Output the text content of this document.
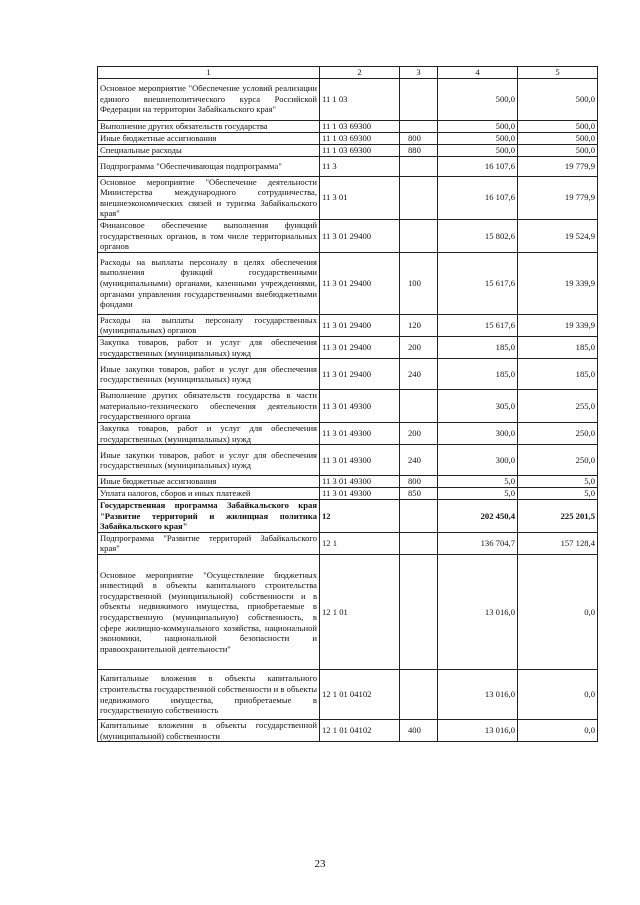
1	2	3	4	5
Основное мероприятие "Обеспечение условий реализации единого внешнеполитического курса Российской Федерации на территории Забайкальского края"	11 1 03		500,0	500,0
Выполнение других обязательств государства	11 1 03 69300		500,0	500,0
Иные бюджетные ассигнования	11 1 03 69300	800	500,0	500,0
Специальные расходы	11 1 03 69300	880	500,0	500,0
Подпрограмма "Обеспечивающая подпрограмма"	11 3		16 107,6	19 779,9
Основное мероприятие "Обеспечение деятельности Министерства международного сотрудничества, внешнеэкономических связей и туризма Забайкальского края"	11 3 01		16 107,6	19 779,9
Финансовое обеспечение выполнения функций государственных органов, в том числе территориальных органов	11 3 01 29400		15 802,6	19 524,9
Расходы на выплаты персоналу в целях обеспечения выполнения функций государственными (муниципальными) органами, казенными учреждениями, органами управления государственными внебюджетными фондами	11 3 01 29400	100	15 617,6	19 339,9
Расходы на выплаты персоналу государственных (муниципальных) органов	11 3 01 29400	120	15 617,6	19 339,9
Закупка товаров, работ и услуг для обеспечения государственных (муниципальных) нужд	11 3 01 29400	200	185,0	185,0
Иные закупки товаров, работ и услуг для обеспечения государственных (муниципальных) нужд	11 3 01 29400	240	185,0	185,0
Выполнение других обязательств государства в части материально-технического обеспечения деятельности государственного органа	11 3 01 49300		305,0	255,0
Закупка товаров, работ и услуг для обеспечения государственных (муниципальных) нужд	11 3 01 49300	200	300,0	250,0
Иные закупки товаров, работ и услуг для обеспечения государственных (муниципальных) нужд	11 3 01 49300	240	300,0	250,0
Иные бюджетные ассигнования	11 3 01 49300	800	5,0	5,0
Уплата налогов, сборов и иных платежей	11 3 01 49300	850	5,0	5,0
Государственная программа Забайкальского края "Развитие территорий и жилищная политика Забайкальского края"	12		202 450,4	225 201,5
Подпрограмма "Развитие территорий Забайкальского края"	12 1		136 704,7	157 128,4
Основное мероприятие "Осуществление бюджетных инвестиций в объекты капитального строительства государственной (муниципальной) собственности и в объекты недвижимого имущества, приобретаемые в государственную (муниципальную) собственность, в сфере жилищно-коммунального хозяйства, национальной экономики, национальной безопасности и правоохранительной деятельности"	12 1 01		13 016,0	0,0
Капитальные вложения в объекты капитального строительства государственной собственности и в объекты недвижимого имущества, приобретаемые в государственную собственность	12 1 01 04102		13 016,0	0,0
Капитальные вложения в объекты государственной (муниципальной) собственности	12 1 01 04102	400	13 016,0	0,0
23
